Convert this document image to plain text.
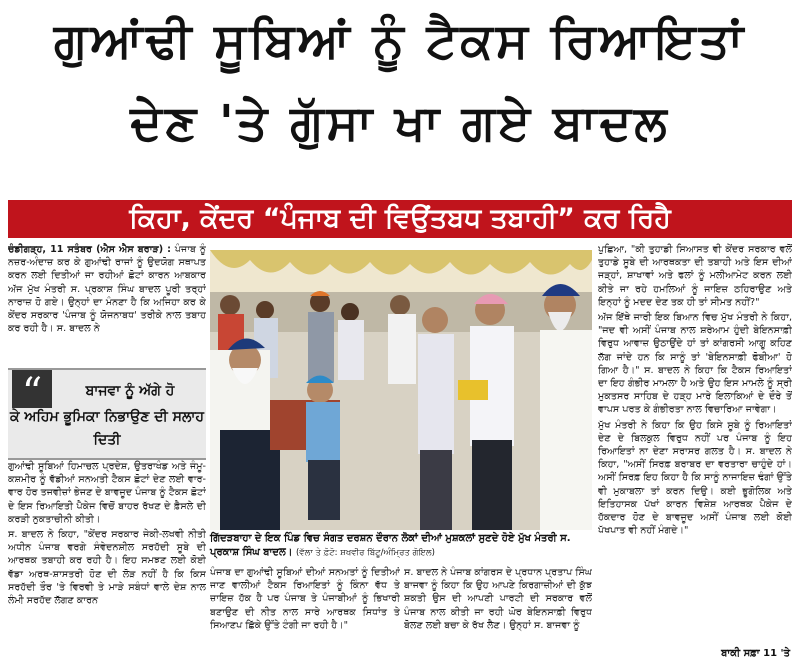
ਗੁਆਂਢੀ ਸੂਬਿਆਂ ਨੂੰ ਟੈਕਸ ਰਿਆਇਤਾਂ
ਦੇਣ 'ਤੇ ਗੁੱਸਾ ਖਾ ਗਏ ਬਾਦਲ
ਕਿਹਾ, ਕੇਂਦਰ “ਪੰਜਾਬ ਦੀ ਵਿਉਂਤਬਧ ਤਬਾਹੀ” ਕਰ ਰਿਹੈ

ਚੰਡੀਗੜ੍ਹ, 11 ਸਤੰਬਰ (ਐਸ ਐਸ ਬਰਾੜ) : ਪੰਜਾਬ ਨੂੰ ਨਜ਼ਰ-ਅੰਦਾਜ਼ ਕਰ ਕੇ ਗੁਆਂਢੀ ਰਾਜਾਂ ਨੂੰ ਉਦਯੋਗ ਸਥਾਪਤ ਕਰਨ ਲਈ ਦਿਤੀਆਂ ਜਾ ਰਹੀਆਂ ਛੋਟਾਂ ਕਾਰਨ ਆਬਕਾਰ ਅੱਜ ਮੁੱਖ ਮੰਤਰੀ ਸ. ਪ੍ਰਕਾਸ਼ ਸਿੰਘ ਬਾਦਲ ਪੂਰੀ ਤਰ੍ਹਾਂ ਨਾਰਾਜ਼ ਹੋ ਗਏ। ਉਨ੍ਹਾਂ ਦਾ ਮੰਨਣਾ ਹੈ ਕਿ ਅਜਿਹਾ ਕਰ ਕੇ ਕੇਂਦਰ ਸਰਕਾਰ 'ਪੰਜਾਬ ਨੂੰ ਯੋਜਨਾਬਧ' ਤਰੀਕੇ ਨਾਲ ਤਬਾਹ ਕਰ ਰਹੀ ਹੈ। ਸ. ਬਾਦਲ ਨੇ

“	ਬਾਜਵਾ ਨੂੰ ਅੱਗੇ ਹੋ
ਕੇ ਅਹਿਮ ਭੂਮਿਕਾ ਨਿਭਾਉਣ ਦੀ ਸਲਾਹ ਦਿਤੀ

ਗੁਆਂਢੀ ਸੂਬਿਆਂ ਹਿਮਾਚਲ ਪ੍ਰਦੇਸ਼, ਉਤਰਾਖੰਡ ਅਤੇ ਜੰਮੂ-ਕਸ਼ਮੀਰ ਨੂੰ ਵੱਡੀਆਂ ਸਨਅਤੀ ਟੈਕਸ ਛੋਟਾਂ ਦੇਣ ਲਈ ਵਾਰ-ਵਾਰ ਹੋਰ ਤਜਵੀਜ਼ਾਂ ਭੇਜਣ ਦੇ ਬਾਵਜੂਦ ਪੰਜਾਬ ਨੂੰ ਟੈਕਸ ਛੋਟਾਂ ਦੇ ਇਸ ਰਿਆਇਤੀ ਪੈਕੇਜ ਵਿਚੋਂ ਬਾਹਰ ਰੱਖਣ ਦੇ ਫ਼ੈਸਲੇ ਦੀ ਕਰੜੀ ਨੁਕਤਾਚੀਨੀ ਕੀਤੀ।

ਸ. ਬਾਦਲ ਨੇ ਕਿਹਾ, "ਕੇਂਦਰ ਸਰਕਾਰ ਜੇਕੀ-ਲਖਵੀ ਨੀਤੀ ਅਧੀਨ ਪੰਜਾਬ ਵਰਗੇ ਸੰਵੇਦਨਸ਼ੀਲ ਸਰਹੱਦੀ ਸੂਬੇ ਦੀ ਆਰਥਕ ਤਬਾਹੀ ਕਰ ਰਹੀ ਹੈ। ਇਹ ਸਮਝਣ ਲਈ ਕੋਈ ਵੱਡਾ ਅਰਥ-ਸ਼ਾਸਤਰੀ ਹੋਣ ਦੀ ਲੋੜ ਨਹੀਂ ਹੈ ਕਿ ਕਿਸ ਸਰਹੱਦੀ ਤੌਰ 'ਤੇ ਵਿਰਵੀ ਤੇ ਮਾੜੇ ਸਬੰਧਾਂ ਵਾਲੇ ਦੇਸ਼ ਨਾਲ ਲੰਮੀ ਸਰਹੱਦ ਲੱਗਣ ਕਾਰਨ

ਗਿੱਦੜਬਾਹਾ ਦੇ ਇਕ ਪਿੰਡ ਵਿਚ ਸੰਗਤ ਦਰਸ਼ਨ ਦੌਰਾਨ ਲੋਕਾਂ ਦੀਆਂ ਮੁਸ਼ਕਲਾਂ ਸੁਣਦੇ ਹੋਏ ਮੁੱਖ ਮੰਤਰੀ ਸ. ਪ੍ਰਕਾਸ਼ ਸਿੰਘ ਬਾਦਲ। (ਵੱਲਾ ਤੇ ਫ਼ੋਟੋ: ਸ਼ਖਵੀਰ ਬਿੱਟੂ/ਅੰਮ੍ਰਿਤ ਗੋਇਲ)

ਪੰਜਾਬ ਦਾ ਗੁਆਂਢੀ ਸੂਬਿਆਂ ਦੀਆਂ ਸਨਅਤਾਂ ਨੂੰ ਦਿਤੀਆਂ ਜਾਣ ਵਾਲੀਆਂ ਟੈਕਸ ਰਿਆਇਤਾਂ ਨੂੰ ਕਿੰਨਾ ਵੱਧ ਤੇ ਜ਼ਾਇਜ਼ ਹੱਕ ਹੈ ਪਰ ਪੰਜਾਬ ਤੇ ਪੰਜਾਬੀਆਂ ਨੂੰ ਭਿਖਾਰੀ ਬਣਾਉਣ ਦੀ ਨੀਤ ਨਾਲ ਸਾਰੇ ਆਰਥਕ ਸਿਧਾਂਤ ਤੇ ਸਿਆਣਪ ਛਿੱਕੇ ਉੱਤੇ ਟੰਗੀ ਜਾ ਰਹੀ ਹੈ।"

ਸ. ਬਾਦਲ ਨੇ ਪੰਜਾਬ ਕਾਂਗਰਸ ਦੇ ਪ੍ਰਧਾਨ ਪ੍ਰਤਾਪ ਸਿੰਘ ਬਾਜਵਾ ਨੂੰ ਕਿਹਾ ਕਿ ਉਹ ਆਪਣੇ ਕਿਰਗਾਜ਼ੀਆਂ ਦੀ ਕੁੱਝ ਸ਼ਕਤੀ ਉਸ ਦੀ ਆਪਣੀ ਪਾਰਟੀ ਦੀ ਸਰਕਾਰ ਵਲੋਂ ਪੰਜਾਬ ਨਾਲ ਕੀਤੀ ਜਾ ਰਹੀ ਘੋਰ ਬੇਇਨਸਾਫ਼ੀ ਵਿਰੁਧ ਬੋਲਣ ਲਈ ਬਚਾ ਕੇ ਰੱਖ ਲੈਣ। ਉਨ੍ਹਾਂ ਸ. ਬਾਜਵਾ ਨੂੰ

ਪੁਛਿਆ, "ਕੀ ਤੁਹਾਡੀ ਸਿਆਸਤ ਵੀ ਕੇਂਦਰ ਸਰਕਾਰ ਵਲੋਂ ਤੁਹਾਡੇ ਸੂਬੇ ਦੀ ਆਰਥਕਤਾ ਦੀ ਤਬਾਹੀ ਅਤੇ ਇਸ ਦੀਆਂ ਜੜ੍ਹਾਂ, ਸ਼ਾਖਾਵਾਂ ਅਤੇ ਫਲਾਂ ਨੂੰ ਮਲੀਆਮੇਟ ਕਰਨ ਲਈ ਕੀਤੇ ਜਾ ਰਹੇ ਹਮਲਿਆਂ ਨੂੰ ਜਾਇਜ਼ ਠਹਿਰਾਉਣ ਅਤੇ ਇਨ੍ਹਾਂ ਨੂੰ ਮਦਦ ਦੇਣ ਤਕ ਹੀ ਤਾਂ ਸੀਮਤ ਨਹੀਂ?"

ਅੱਜ ਇੱਥੇ ਜਾਰੀ ਇਕ ਬਿਆਨ ਵਿਚ ਮੁੱਖ ਮੰਤਰੀ ਨੇ ਕਿਹਾ, "ਜਦ ਵੀ ਅਸੀਂ ਪੰਜਾਬ ਨਾਲ ਸ਼ਰੇਆਮ ਹੁੰਦੀ ਬੇਇਨਸਾਫ਼ੀ ਵਿਰੁਧ ਆਵਾਜ਼ ਉਠਾਉਂਦੇ ਹਾਂ ਤਾਂ ਕਾਂਗਰਸੀ ਆਗੂ ਕਹਿਣ ਲੱਗ ਜਾਂਦੇ ਹਨ ਕਿ ਸਾਨੂੰ ਤਾਂ 'ਬੇਇਨਸਾਫ਼ੀ ਫੋਬੀਆ' ਹੋ ਗਿਆ ਹੈ।" ਸ. ਬਾਦਲ ਨੇ ਕਿਹਾ ਕਿ ਟੈਕਸ ਰਿਆਇਤਾਂ ਦਾ ਇਹ ਗੰਭੀਰ ਮਾਮਲਾ ਹੈ ਅਤੇ ਉਹ ਇਸ ਮਾਮਲੇ ਨੂੰ ਸ੍ਰੀ ਮੁਕਤਸਰ ਸਾਹਿਬ ਦੇ ਹੜ੍ਹ ਮਾਰੇ ਇਲਾਕਿਆਂ ਦੇ ਦੌਰੇ ਤੋਂ ਵਾਪਸ ਪਰਤ ਕੇ ਗੰਭੀਰਤਾ ਨਾਲ ਵਿਚਾਰਿਆ ਜਾਵੇਗਾ।

ਮੁੱਖ ਮੰਤਰੀ ਨੇ ਕਿਹਾ ਕਿ ਉਹ ਕਿਸੇ ਸੂਬੇ ਨੂੰ ਰਿਆਇਤਾਂ ਦੇਣ ਦੇ ਬਿਲਕੁਲ ਵਿਰੁਧ ਨਹੀਂ ਪਰ ਪੰਜਾਬ ਨੂੰ ਇਹ ਰਿਆਇਤਾਂ ਨਾ ਦੇਣਾ ਸਰਾਸਰ ਗਲਤ ਹੈ। ਸ. ਬਾਦਲ ਨੇ ਕਿਹਾ, "ਅਸੀਂ ਸਿਰਫ਼ ਬਰਾਬਰ ਦਾ ਵਰਤਾਰਾ ਚਾਹੁੰਦੇ ਹਾਂ। ਅਸੀਂ ਸਿਰਫ਼ ਇਹ ਕਿਹਾ ਹੈ ਕਿ ਸਾਨੂੰ ਨਾਜਾਇਜ਼ ਢੰਗਾਂ ਉੱਤੇ ਵੀ ਮੁਕਾਬਲਾ ਤਾਂ ਕਰਨ ਦਿਉ। ਕਈ ਭੂਗੋਲਿਕ ਅਤੇ ਇਤਿਹਾਸਕ ਪੱਖਾਂ ਕਾਰਨ ਵਿਸ਼ੇਸ਼ ਆਰਥਕ ਪੈਕੇਜ ਦੇ ਹੱਕਦਾਰ ਹੋਣ ਦੇ ਬਾਵਜੂਦ ਅਸੀਂ ਪੰਜਾਬ ਲਈ ਕੋਈ ਪੱਖਪਾਤ ਵੀ ਨਹੀਂ ਮੰਗਦੇ।"

ਬਾਕੀ ਸਫ਼ਾ 11 'ਤੇ
